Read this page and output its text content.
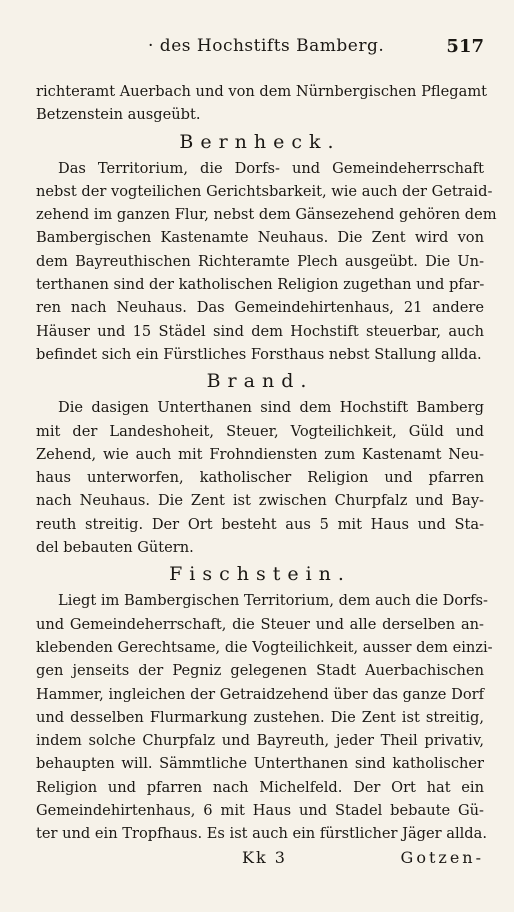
· des Hochstifts Bamberg.	517
richteramt Auerbach und von dem Nürnbergischen Pflegamt
Betzenstein ausgeübt.
Bernheck.
Das Territorium, die Dorfs- und Gemeindeherrschaft
nebst der vogteilichen Gerichtsbarkeit, wie auch der Getraid-
zehend im ganzen Flur, nebst dem Gänsezehend gehören dem
Bambergischen Kastenamte Neuhaus. Die Zent wird von
dem Bayreuthischen Richteramte Plech ausgeübt. Die Un-
terthanen sind der katholischen Religion zugethan und pfar-
ren nach Neuhaus. Das Gemeindehirtenhaus, 21 andere
Häuser und 15 Städel sind dem Hochstift steuerbar, auch
befindet sich ein Fürstliches Forsthaus nebst Stallung allda.
Brand.
Die dasigen Unterthanen sind dem Hochstift Bamberg
mit der Landeshoheit, Steuer, Vogteilichkeit, Güld und
Zehend, wie auch mit Frohndiensten zum Kastenamt Neu-
haus unterworfen, katholischer Religion und pfarren
nach Neuhaus. Die Zent ist zwischen Churpfalz und Bay-
reuth streitig. Der Ort besteht aus 5 mit Haus und Sta-
del bebauten Gütern.
Fischstein.
Liegt im Bambergischen Territorium, dem auch die Dorfs-
und Gemeindeherrschaft, die Steuer und alle derselben an-
klebenden Gerechtsame, die Vogteilichkeit, ausser dem einzi-
gen jenseits der Pegniz gelegenen Stadt Auerbachischen
Hammer, ingleichen der Getraidzehend über das ganze Dorf
und desselben Flurmarkung zustehen. Die Zent ist streitig,
indem solche Churpfalz und Bayreuth, jeder Theil privativ,
behaupten will. Sämmtliche Unterthanen sind katholischer
Religion und pfarren nach Michelfeld. Der Ort hat ein
Gemeindehirtenhaus, 6 mit Haus und Stadel bebaute Gü-
ter und ein Tropfhaus. Es ist auch ein fürstlicher Jäger allda.
Kk 3	Gotzen-
